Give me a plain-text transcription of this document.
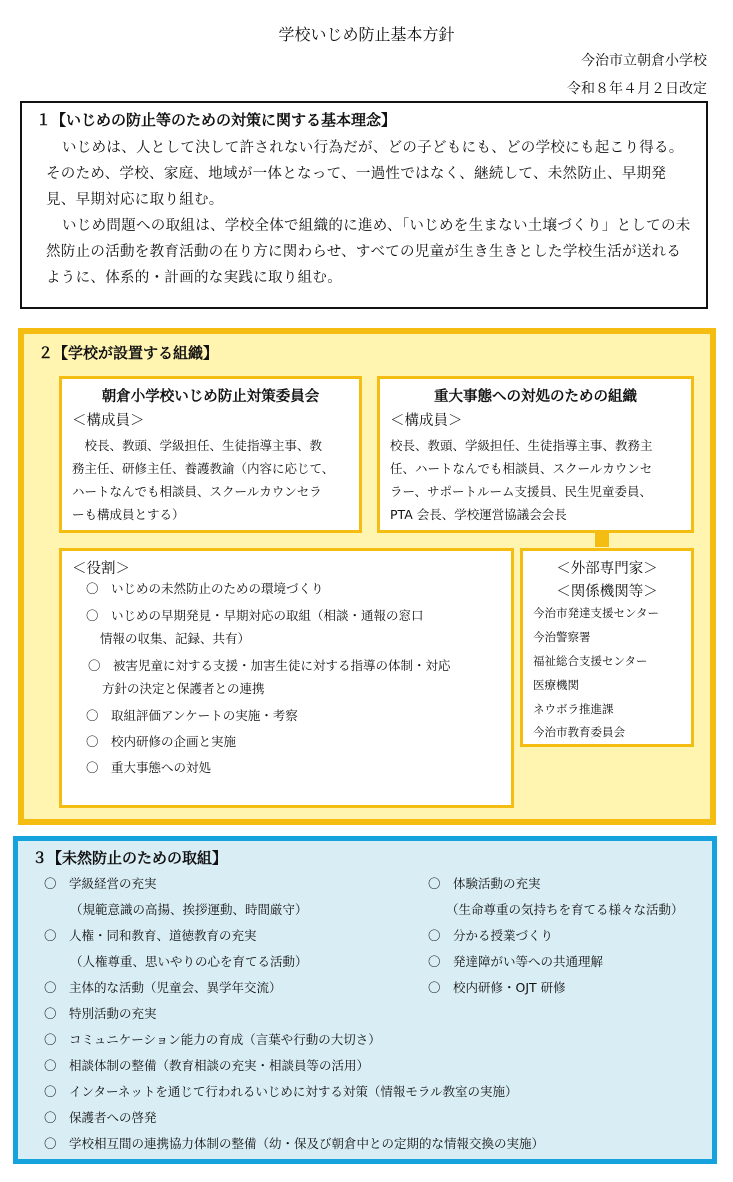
学校いじめ防止基本方針
今治市立朝倉小学校
令和８年４月２日改定
１【いじめの防止等のための対策に関する基本理念】
いじめは、人として決して許されない行為だが、どの子どもにも、どの学校にも起こり得る。そのため、学校、家庭、地域が一体となって、一過性ではなく、継続して、未然防止、早期発見、早期対応に取り組む。
いじめ問題への取組は、学校全体で組織的に進め、「いじめを生まない土壌づくり」としての未然防止の活動を教育活動の在り方に関わらせ、すべての児童が生き生きとした学校生活が送れるように、体系的・計画的な実践に取り組む。
２【学校が設置する組織】
朝倉小学校いじめ防止対策委員会
＜構成員＞
　校長、教頭、学級担任、生徒指導主事、教
務主任、研修主任、養護教諭（内容に応じて、
ハートなんでも相談員、スクールカウンセラ
ーも構成員とする）
重大事態への対処のための組織
＜構成員＞
校長、教頭、学級担任、生徒指導主事、教務主
任、ハートなんでも相談員、スクールカウンセ
ラー、サポートルーム支援員、民生児童委員、
PTA 会長、学校運営協議会会長
＜役割＞
〇　いじめの未然防止のための環境づくり
〇　いじめの早期発見・早期対応の取組（相談・通報の窓口
情報の収集、記録、共有）
〇　被害児童に対する支援・加害生徒に対する指導の体制・対応
方針の決定と保護者との連携
〇　取組評価アンケートの実施・考察
〇　校内研修の企画と実施
〇　重大事態への対処
＜外部専門家＞
＜関係機関等＞
今治市発達支援センター
今治警察署
福祉総合支援センター
医療機関
ネウボラ推進課
今治市教育委員会
３【未然防止のための取組】
〇　学級経営の充実
（規範意識の高揚、挨拶運動、時間厳守）
〇　人権・同和教育、道徳教育の充実
（人権尊重、思いやりの心を育てる活動）
〇　主体的な活動（児童会、異学年交流）
〇　特別活動の充実
〇　コミュニケーション能力の育成（言葉や行動の大切さ）
〇　相談体制の整備（教育相談の充実・相談員等の活用）
〇　インターネットを通じて行われるいじめに対する対策（情報モラル教室の実施）
〇　保護者への啓発
〇　学校相互間の連携協力体制の整備（幼・保及び朝倉中との定期的な情報交換の実施）
〇　体験活動の充実
（生命尊重の気持ちを育てる様々な活動）
〇　分かる授業づくり
〇　発達障がい等への共通理解
〇　校内研修・OJT 研修
